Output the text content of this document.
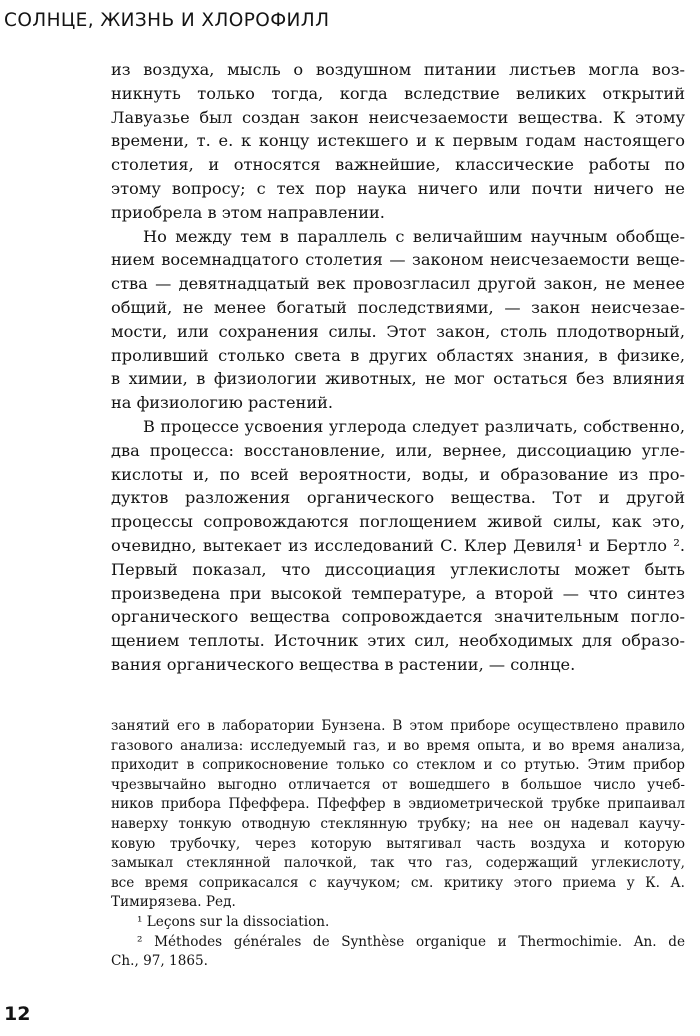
СОЛНЦЕ, ЖИЗНЬ И ХЛОРОФИЛЛ
из воздуха, мысль о воздушном питании листьев могла воз-
никнуть только тогда, когда вследствие великих открытий
Лавуазье был создан закон неисчезаемости вещества. К этому
времени, т. е. к концу истекшего и к первым годам настоящего
столетия, и относятся важнейшие, классические работы по
этому вопросу; с тех пор наука ничего или почти ничего не
приобрела в этом направлении.
Но между тем в параллель с величайшим научным обобще-
нием восемнадцатого столетия — законом неисчезаемости веще-
ства — девятнадцатый век провозгласил другой закон, не менее
общий, не менее богатый последствиями, — закон неисчезае-
мости, или сохранения силы. Этот закон, столь плодотворный,
проливший столько света в других областях знания, в физике,
в химии, в физиологии животных, не мог остаться без влияния
на физиологию растений.
В процессе усвоения углерода следует различать, собственно,
два процесса: восстановление, или, вернее, диссоциацию угле-
кислоты и, по всей вероятности, воды, и образование из про-
дуктов разложения органического вещества. Тот и другой
процессы сопровождаются поглощением живой силы, как это,
очевидно, вытекает из исследований С. Клер Девиля¹ и Бертло ².
Первый показал, что диссоциация углекислоты может быть
произведена при высокой температуре, а второй — что синтез
органического вещества сопровождается значительным погло-
щением теплоты. Источник этих сил, необходимых для образо-
вания органического вещества в растении, — солнце.
занятий его в лаборатории Бунзена. В этом приборе осуществлено правило
газового анализа: исследуемый газ, и во время опыта, и во время анализа,
приходит в соприкосновение только со стеклом и со ртутью. Этим прибор
чрезвычайно выгодно отличается от вошедшего в большое число учеб-
ников прибора Пфеффера. Пфеффер в эвдиометрической трубке припаивал
наверху тонкую отводную стеклянную трубку; на нее он надевал каучу-
ковую трубочку, через которую вытягивал часть воздуха и которую
замыкал стеклянной палочкой, так что газ, содержащий углекислоту,
все время соприкасался с каучуком; см. критику этого приема у К. А.
Тимирязева. Ред.
¹ Leçons sur la dissociation.
² Méthodes générales de Synthèse organique и Thermochimie. An. de
Ch., 97, 1865.
12
